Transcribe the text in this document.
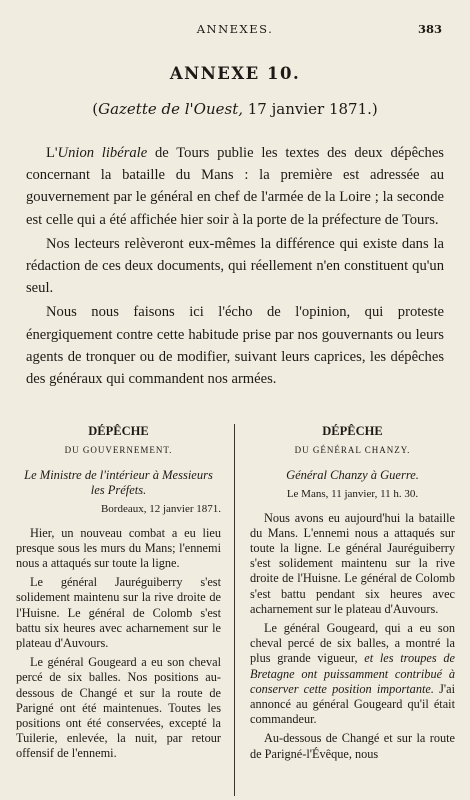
ANNEXES.	383
ANNEXE 10.
(Gazette de l'Ouest, 17 janvier 1871.)

L'Union libérale de Tours publie les textes des deux dépêches concernant la bataille du Mans : la première est adressée au gouvernement par le général en chef de l'armée de la Loire ; la seconde est celle qui a été affichée hier soir à la porte de la préfecture de Tours.

Nos lecteurs relèveront eux-mêmes la différence qui existe dans la rédaction de ces deux documents, qui réellement n'en constituent qu'un seul.

Nous nous faisons ici l'écho de l'opinion, qui proteste énergiquement contre cette habitude prise par nos gouvernants ou leurs agents de tronquer ou de modifier, suivant leurs caprices, les dépêches des généraux qui commandent nos armées.

DÉPÊCHE
DU GOUVERNEMENT.
Le Ministre de l'intérieur à Messieurs les Préfets.
Bordeaux, 12 janvier 1871.

Hier, un nouveau combat a eu lieu presque sous les murs du Mans; l'ennemi nous a attaqués sur toute la ligne.

Le général Jauréguiberry s'est solidement maintenu sur la rive droite de l'Huisne. Le général de Colomb s'est battu six heures avec acharnement sur le plateau d'Auvours.

Le général Gougeard a eu son cheval percé de six balles. Nos positions au-dessous de Changé et sur la route de Parigné ont été maintenues. Toutes les positions ont été conservées, excepté la Tuilerie, enlevée, la nuit, par retour offensif de l'ennemi.

DÉPÊCHE
DU GÉNÉRAL CHANZY.
Général Chanzy à Guerre.
Le Mans, 11 janvier, 11 h. 30.

Nous avons eu aujourd'hui la bataille du Mans. L'ennemi nous a attaqués sur toute la ligne. Le général Jauréguiberry s'est solidement maintenu sur la rive droite de l'Huisne. Le général de Colomb s'est battu pendant six heures avec acharnement sur le plateau d'Auvours.

Le général Gougeard, qui a eu son cheval percé de six balles, a montré la plus grande vigueur, et les troupes de Bretagne ont puissamment contribué à conserver cette position importante. J'ai annoncé au général Gougeard qu'il était commandeur.

Au-dessous de Changé et sur la route de Parigné-l'Évêque, nous
